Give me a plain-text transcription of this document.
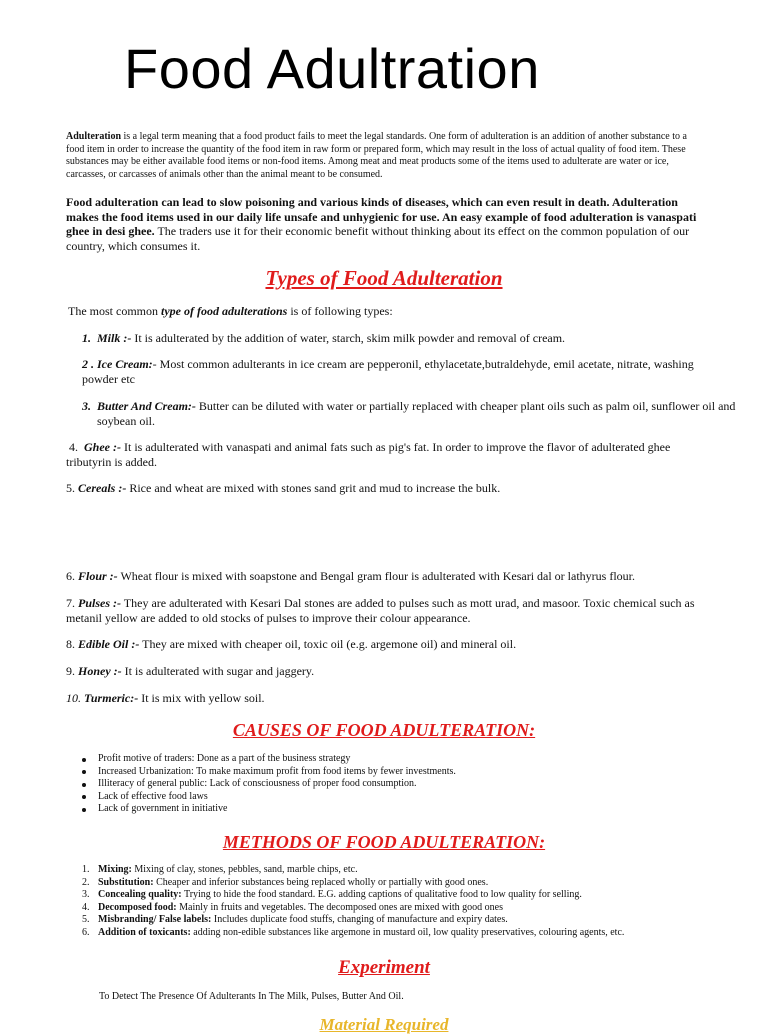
Food Adultration

Adulteration is a legal term meaning that a food product fails to meet the legal standards. One form of adulteration is an addition of another substance to a food item in order to increase the quantity of the food item in raw form or prepared form, which may result in the loss of actual quality of food item. These substances may be either available food items or non-food items. Among meat and meat products some of the items used to adulterate are water or ice, carcasses, or carcasses of animals other than the animal meant to be consumed.

Food adulteration can lead to slow poisoning and various kinds of diseases, which can even result in death. Adulteration makes the food items used in our daily life unsafe and unhygienic for use. An easy example of food adulteration is vanaspati ghee in desi ghee. The traders use it for their economic benefit without thinking about its effect on the common population of our country, which consumes it.

Types of Food Adulteration

The most common type of food adulterations is of following types:

1. Milk :- It is adulterated by the addition of water, starch, skim milk powder and removal of cream.
2 . Ice Cream:- Most common adulterants in ice cream are pepperonil, ethylacetate,butraldehyde, emil acetate, nitrate, washing powder etc
3. Butter And Cream:- Butter can be diluted with water or partially replaced with cheaper plant oils such as palm oil, sunflower oil and soybean oil.
4. Ghee :- It is adulterated with vanaspati and animal fats such as pig's fat. In order to improve the flavor of adulterated ghee tributyrin is added.
5. Cereals :- Rice and wheat are mixed with stones sand grit and mud to increase the bulk.
6. Flour :- Wheat flour is mixed with soapstone and Bengal gram flour is adulterated with Kesari dal or lathyrus flour.
7. Pulses :- They are adulterated with Kesari Dal stones are added to pulses such as mott urad, and masoor. Toxic chemical such as metanil yellow are added to old stocks of pulses to improve their colour appearance.
8. Edible Oil :- They are mixed with cheaper oil, toxic oil (e.g. argemone oil) and mineral oil.
9. Honey :- It is adulterated with sugar and jaggery.
10. Turmeric:- It is mix with yellow soil.
CAUSES OF FOOD ADULTERATION:
Profit motive of traders: Done as a part of the business strategy
Increased Urbanization: To make maximum profit from food items by fewer investments.
Illiteracy of general public: Lack of consciousness of proper food consumption.
Lack of effective food laws
Lack of government in initiative
METHODS OF FOOD ADULTERATION:
1. Mixing: Mixing of clay, stones, pebbles, sand, marble chips, etc.
2. Substitution: Cheaper and inferior substances being replaced wholly or partially with good ones.
3. Concealing quality: Trying to hide the food standard. E.G. adding captions of qualitative food to low quality for selling.
4. Decomposed food: Mainly in fruits and vegetables. The decomposed ones are mixed with good ones
5. Misbranding/ False labels: Includes duplicate food stuffs, changing of manufacture and expiry dates.
6. Addition of toxicants: adding non-edible substances like argemone in mustard oil, low quality preservatives, colouring agents, etc.
Experiment

To Detect The Presence Of Adulterants In The Milk, Pulses, Butter And Oil.

Material Required
